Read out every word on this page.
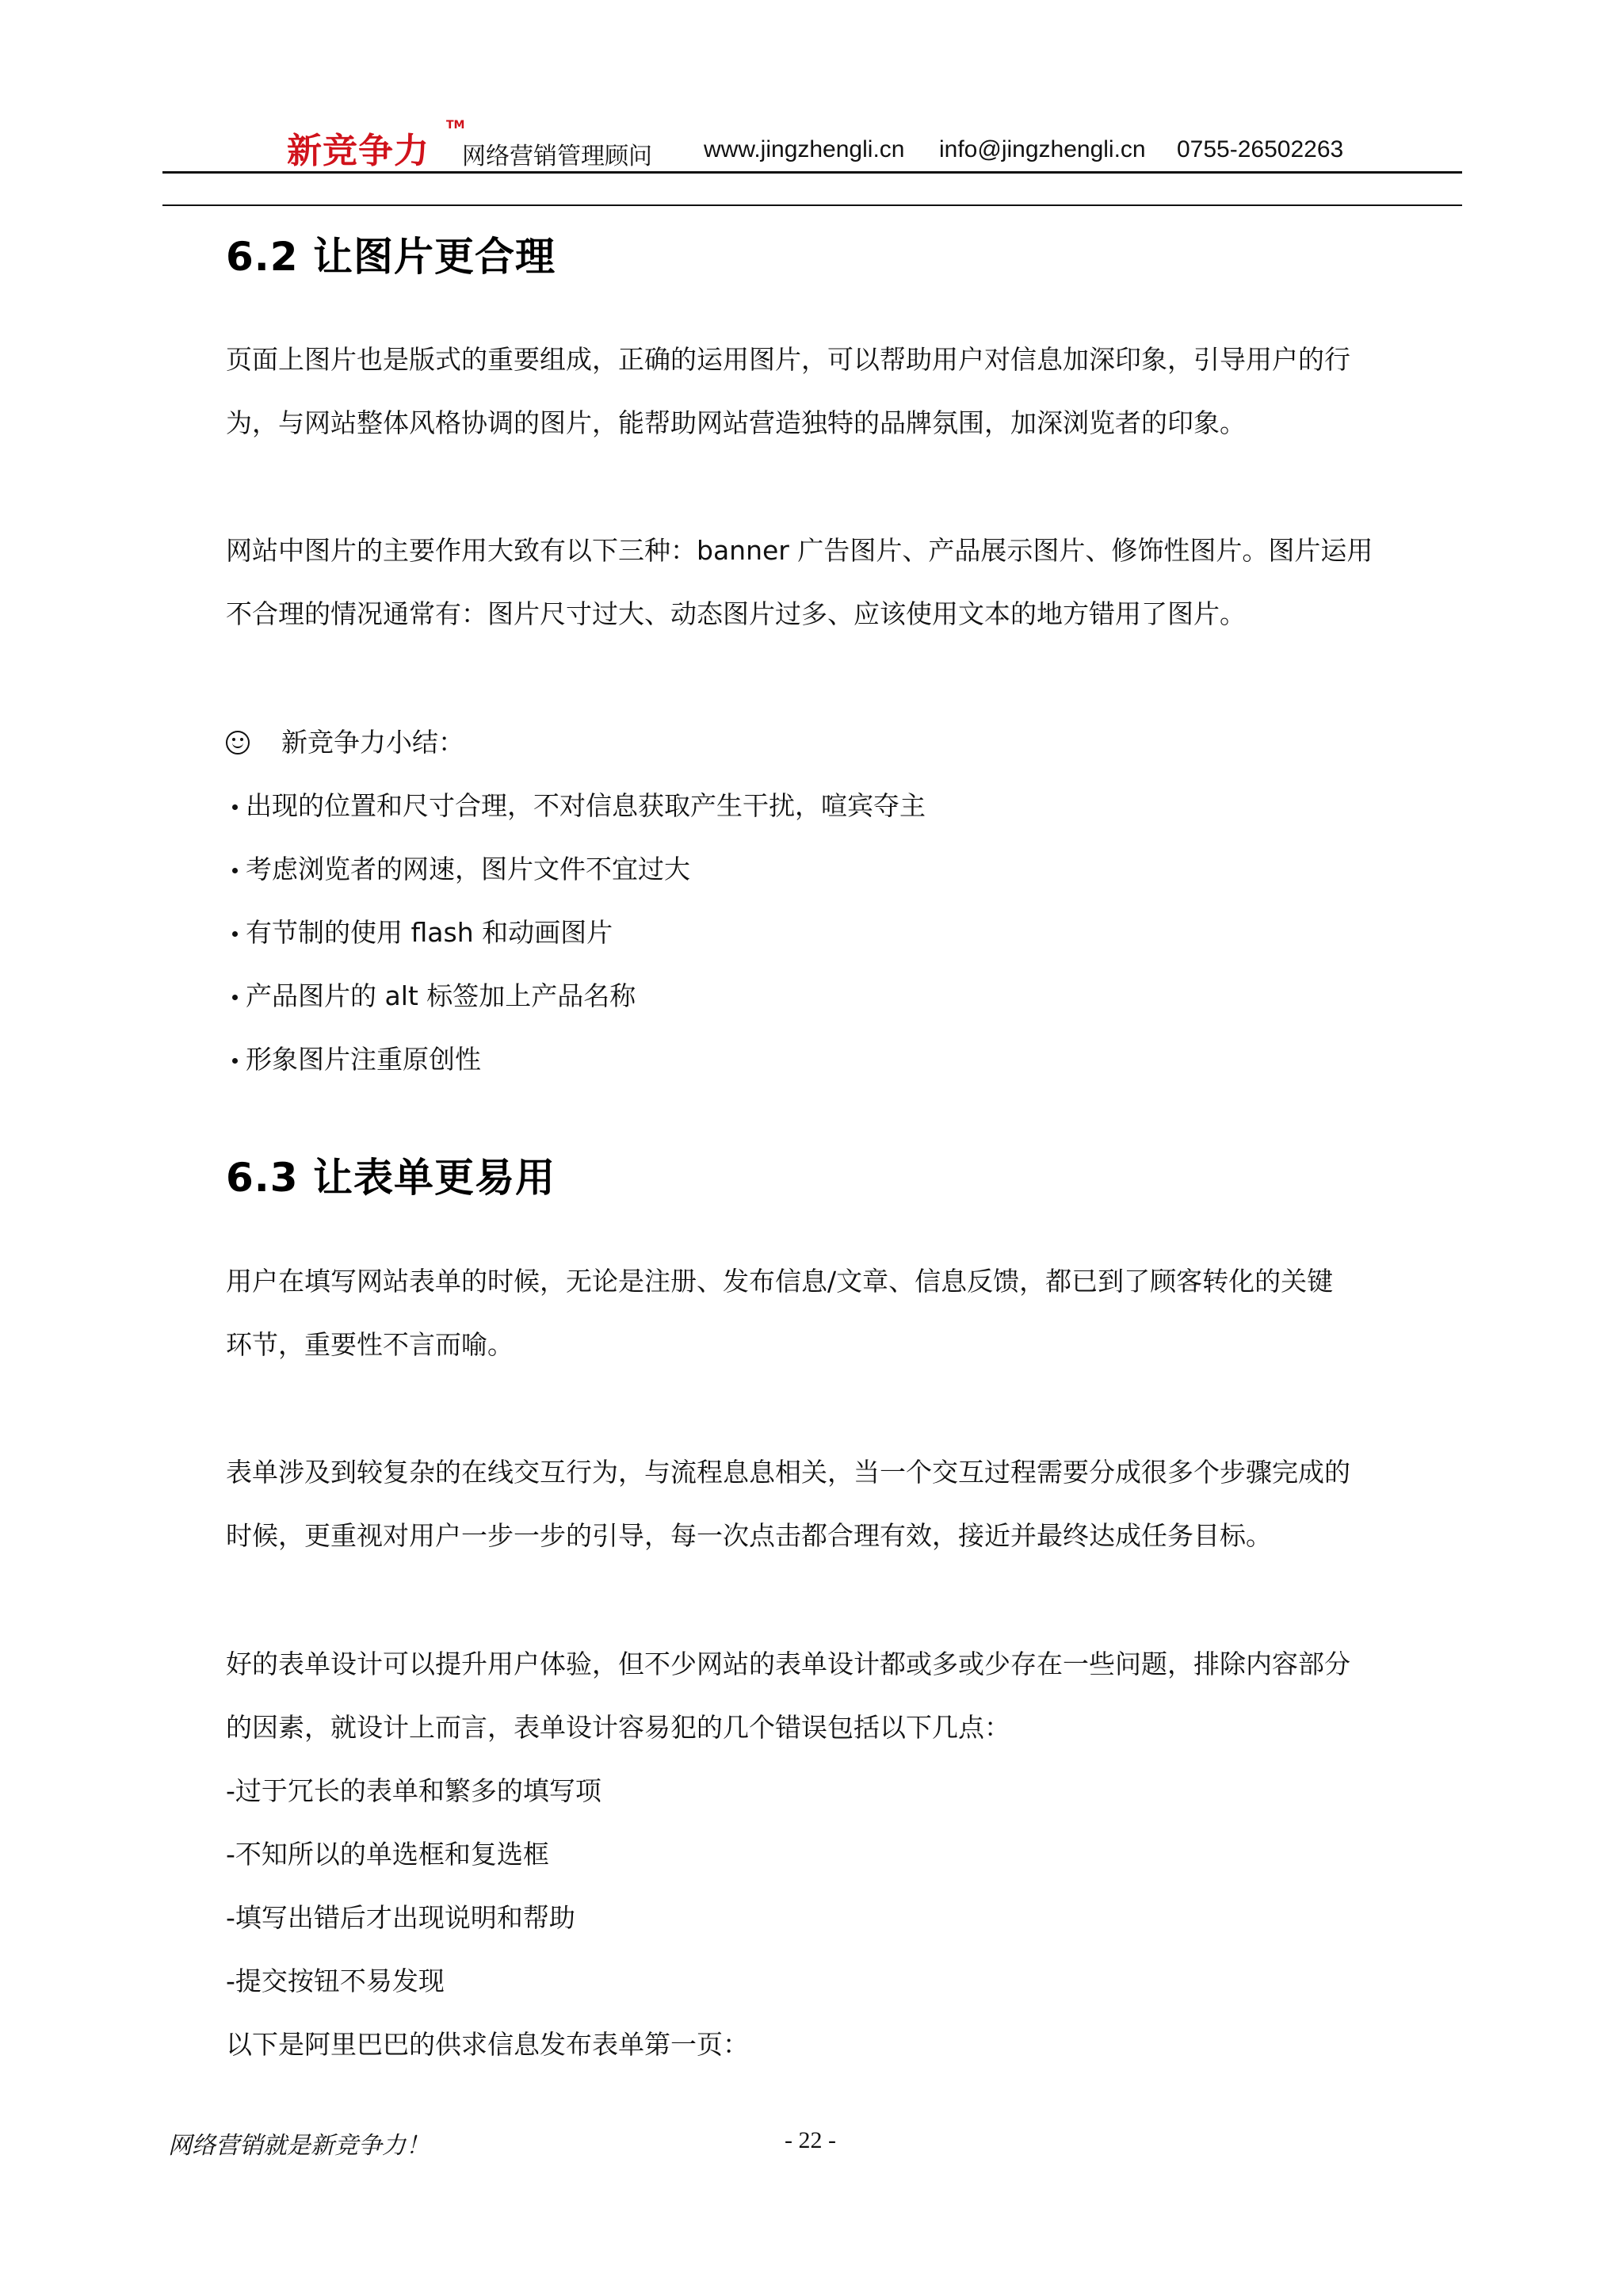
新竞争力
TM
网络营销管理顾问 www.jingzhengli.cn info@jingzhengli.cn 0755-26502263
6.2 让图片更合理
页面上图片也是版式的重要组成，正确的运用图片，可以帮助用户对信息加深印象，引导用户的行
为，与网站整体风格协调的图片，能帮助网站营造独特的品牌氛围，加深浏览者的印象。
网站中图片的主要作用大致有以下三种：banner 广告图片、产品展示图片、修饰性图片。图片运用
不合理的情况通常有：图片尺寸过大、动态图片过多、应该使用文本的地方错用了图片。
新竞争力小结：
出现的位置和尺寸合理，不对信息获取产生干扰，喧宾夺主
考虑浏览者的网速，图片文件不宜过大
有节制的使用 flash 和动画图片
产品图片的 alt 标签加上产品名称
形象图片注重原创性
6.3 让表单更易用
用户在填写网站表单的时候，无论是注册、发布信息/文章、信息反馈，都已到了顾客转化的关键
环节，重要性不言而喻。
表单涉及到较复杂的在线交互行为，与流程息息相关，当一个交互过程需要分成很多个步骤完成的
时候，更重视对用户一步一步的引导，每一次点击都合理有效，接近并最终达成任务目标。
好的表单设计可以提升用户体验，但不少网站的表单设计都或多或少存在一些问题，排除内容部分
的因素，就设计上而言，表单设计容易犯的几个错误包括以下几点：
-过于冗长的表单和繁多的填写项
-不知所以的单选框和复选框
-填写出错后才出现说明和帮助
-提交按钮不易发现
以下是阿里巴巴的供求信息发布表单第一页：
网络营销就是新竞争力！	- 22 -
